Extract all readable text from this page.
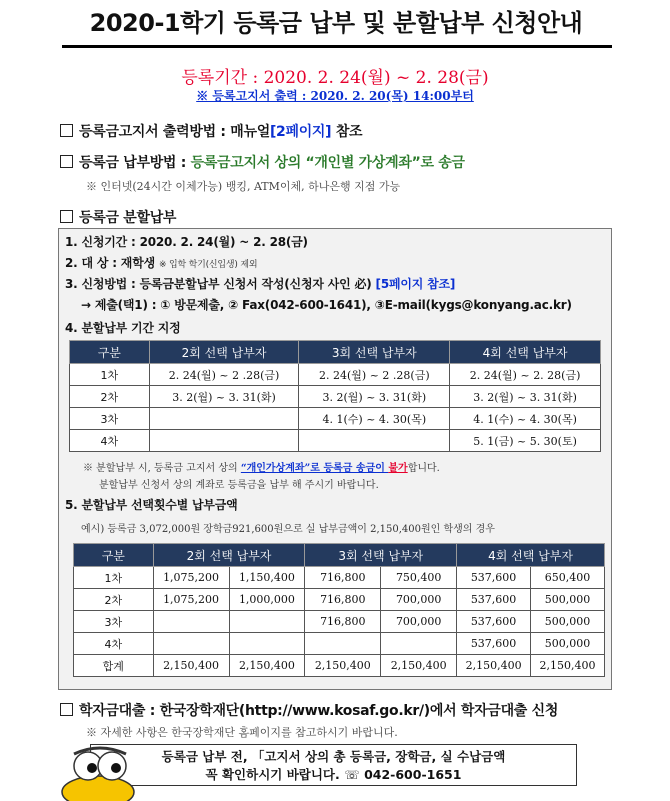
2020-1학기 등록금 납부 및 분할납부 신청안내
등록기간 : 2020. 2. 24(월) ~ 2. 28(금)
※ 등록고지서 출력 : 2020. 2. 20(목) 14:00부터
등록금고지서 출력방법 : 매뉴얼[2페이지] 참조
등록금 납부방법 : 등록금고지서 상의 “개인별 가상계좌”로 송금
※ 인터넷(24시간 이체가능) 뱅킹, ATM이체, 하나은행 지점 가능
등록금 분할납부
1. 신청기간 : 2020. 2. 24(월) ~ 2. 28(금)
2. 대 상 : 재학생 ※ 입학 학기(신입생) 제외
3. 신청방법 : 등록금분할납부 신청서 작성(신청자 사인 必) [5페이지 참조]
→ 제출(택1) : ① 방문제출, ② Fax(042-600-1641), ③E-mail(kygs@konyang.ac.kr)
4. 분할납부 기간 지정
구분	2회 선택 납부자	3회 선택 납부자	4회 선택 납부자
1차	2. 24(월) ~ 2 .28(금)	2. 24(월) ~ 2 .28(금)	2. 24(월) ~ 2. 28(금)
2차	3. 2(월) ~ 3. 31(화)	3. 2(월) ~ 3. 31(화)	3. 2(월) ~ 3. 31(화)
3차		4. 1(수) ~ 4. 30(목)	4. 1(수) ~ 4. 30(목)
4차			5. 1(금) ~ 5. 30(토)
※ 분할납부 시, 등록금 고지서 상의 “개인가상계좌”로 등록금 송금이 불가합니다.
분할납부 신청서 상의 계좌로 등록금을 납부 해 주시기 바랍니다.
5. 분할납부 선택횟수별 납부금액
예시) 등록금 3,072,000원 장학금921,600원으로 실 납부금액이 2,150,400원인 학생의 경우
구분	2회 선택 납부자		3회 선택 납부자		4회 선택 납부자	
1차	1,075,200	1,150,400	716,800	750,400	537,600	650,400
2차	1,075,200	1,000,000	716,800	700,000	537,600	500,000
3차			716,800	700,000	537,600	500,000
4차					537,600	500,000
합계	2,150,400	2,150,400	2,150,400	2,150,400	2,150,400	2,150,400
학자금대출 : 한국장학재단(http://www.kosaf.go.kr/)에서 학자금대출 신청
※ 자세한 사항은 한국장학재단 홈페이지를 참고하시기 바랍니다.
등록금 납부 전, 「고지서 상의 총 등록금, 장학금, 실 수납금액
꼭 확인하시기 바랍니다. ☏ 042-600-1651
